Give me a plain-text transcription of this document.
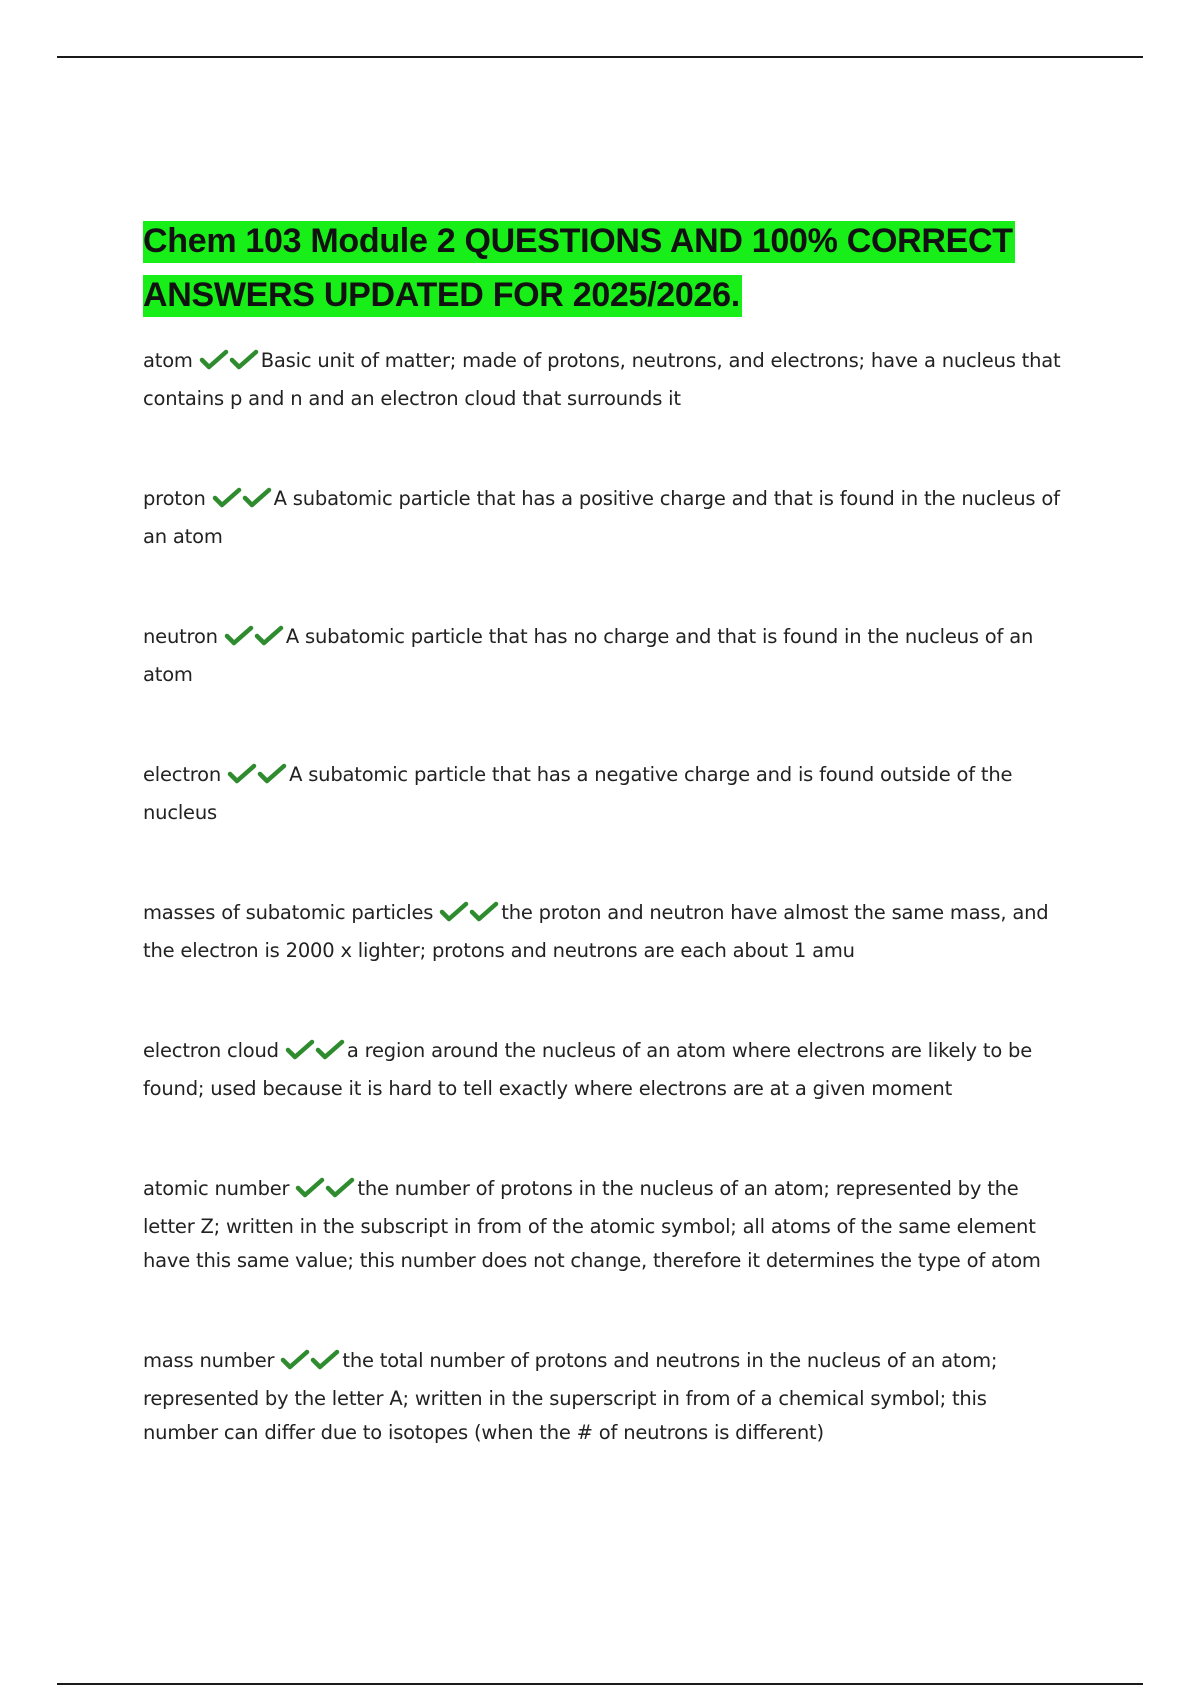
Chem 103 Module 2 QUESTIONS AND 100% CORRECT ANSWERS UPDATED FOR 2025/2026.

atom	Basic unit of matter; made of protons, neutrons, and electrons; have a nucleus that contains p and n and an electron cloud that surrounds it

proton	A subatomic particle that has a positive charge and that is found in the nucleus of an atom

neutron	A subatomic particle that has no charge and that is found in the nucleus of an atom

electron	A subatomic particle that has a negative charge and is found outside of the nucleus

masses of subatomic particles	the proton and neutron have almost the same mass, and the electron is 2000 x lighter; protons and neutrons are each about 1 amu

electron cloud	a region around the nucleus of an atom where electrons are likely to be found; used because it is hard to tell exactly where electrons are at a given moment

atomic number	the number of protons in the nucleus of an atom; represented by the letter Z; written in the subscript in from of the atomic symbol; all atoms of the same element have this same value; this number does not change, therefore it determines the type of atom

mass number	the total number of protons and neutrons in the nucleus of an atom; represented by the letter A; written in the superscript in from of a chemical symbol; this number can differ due to isotopes (when the # of neutrons is different)
